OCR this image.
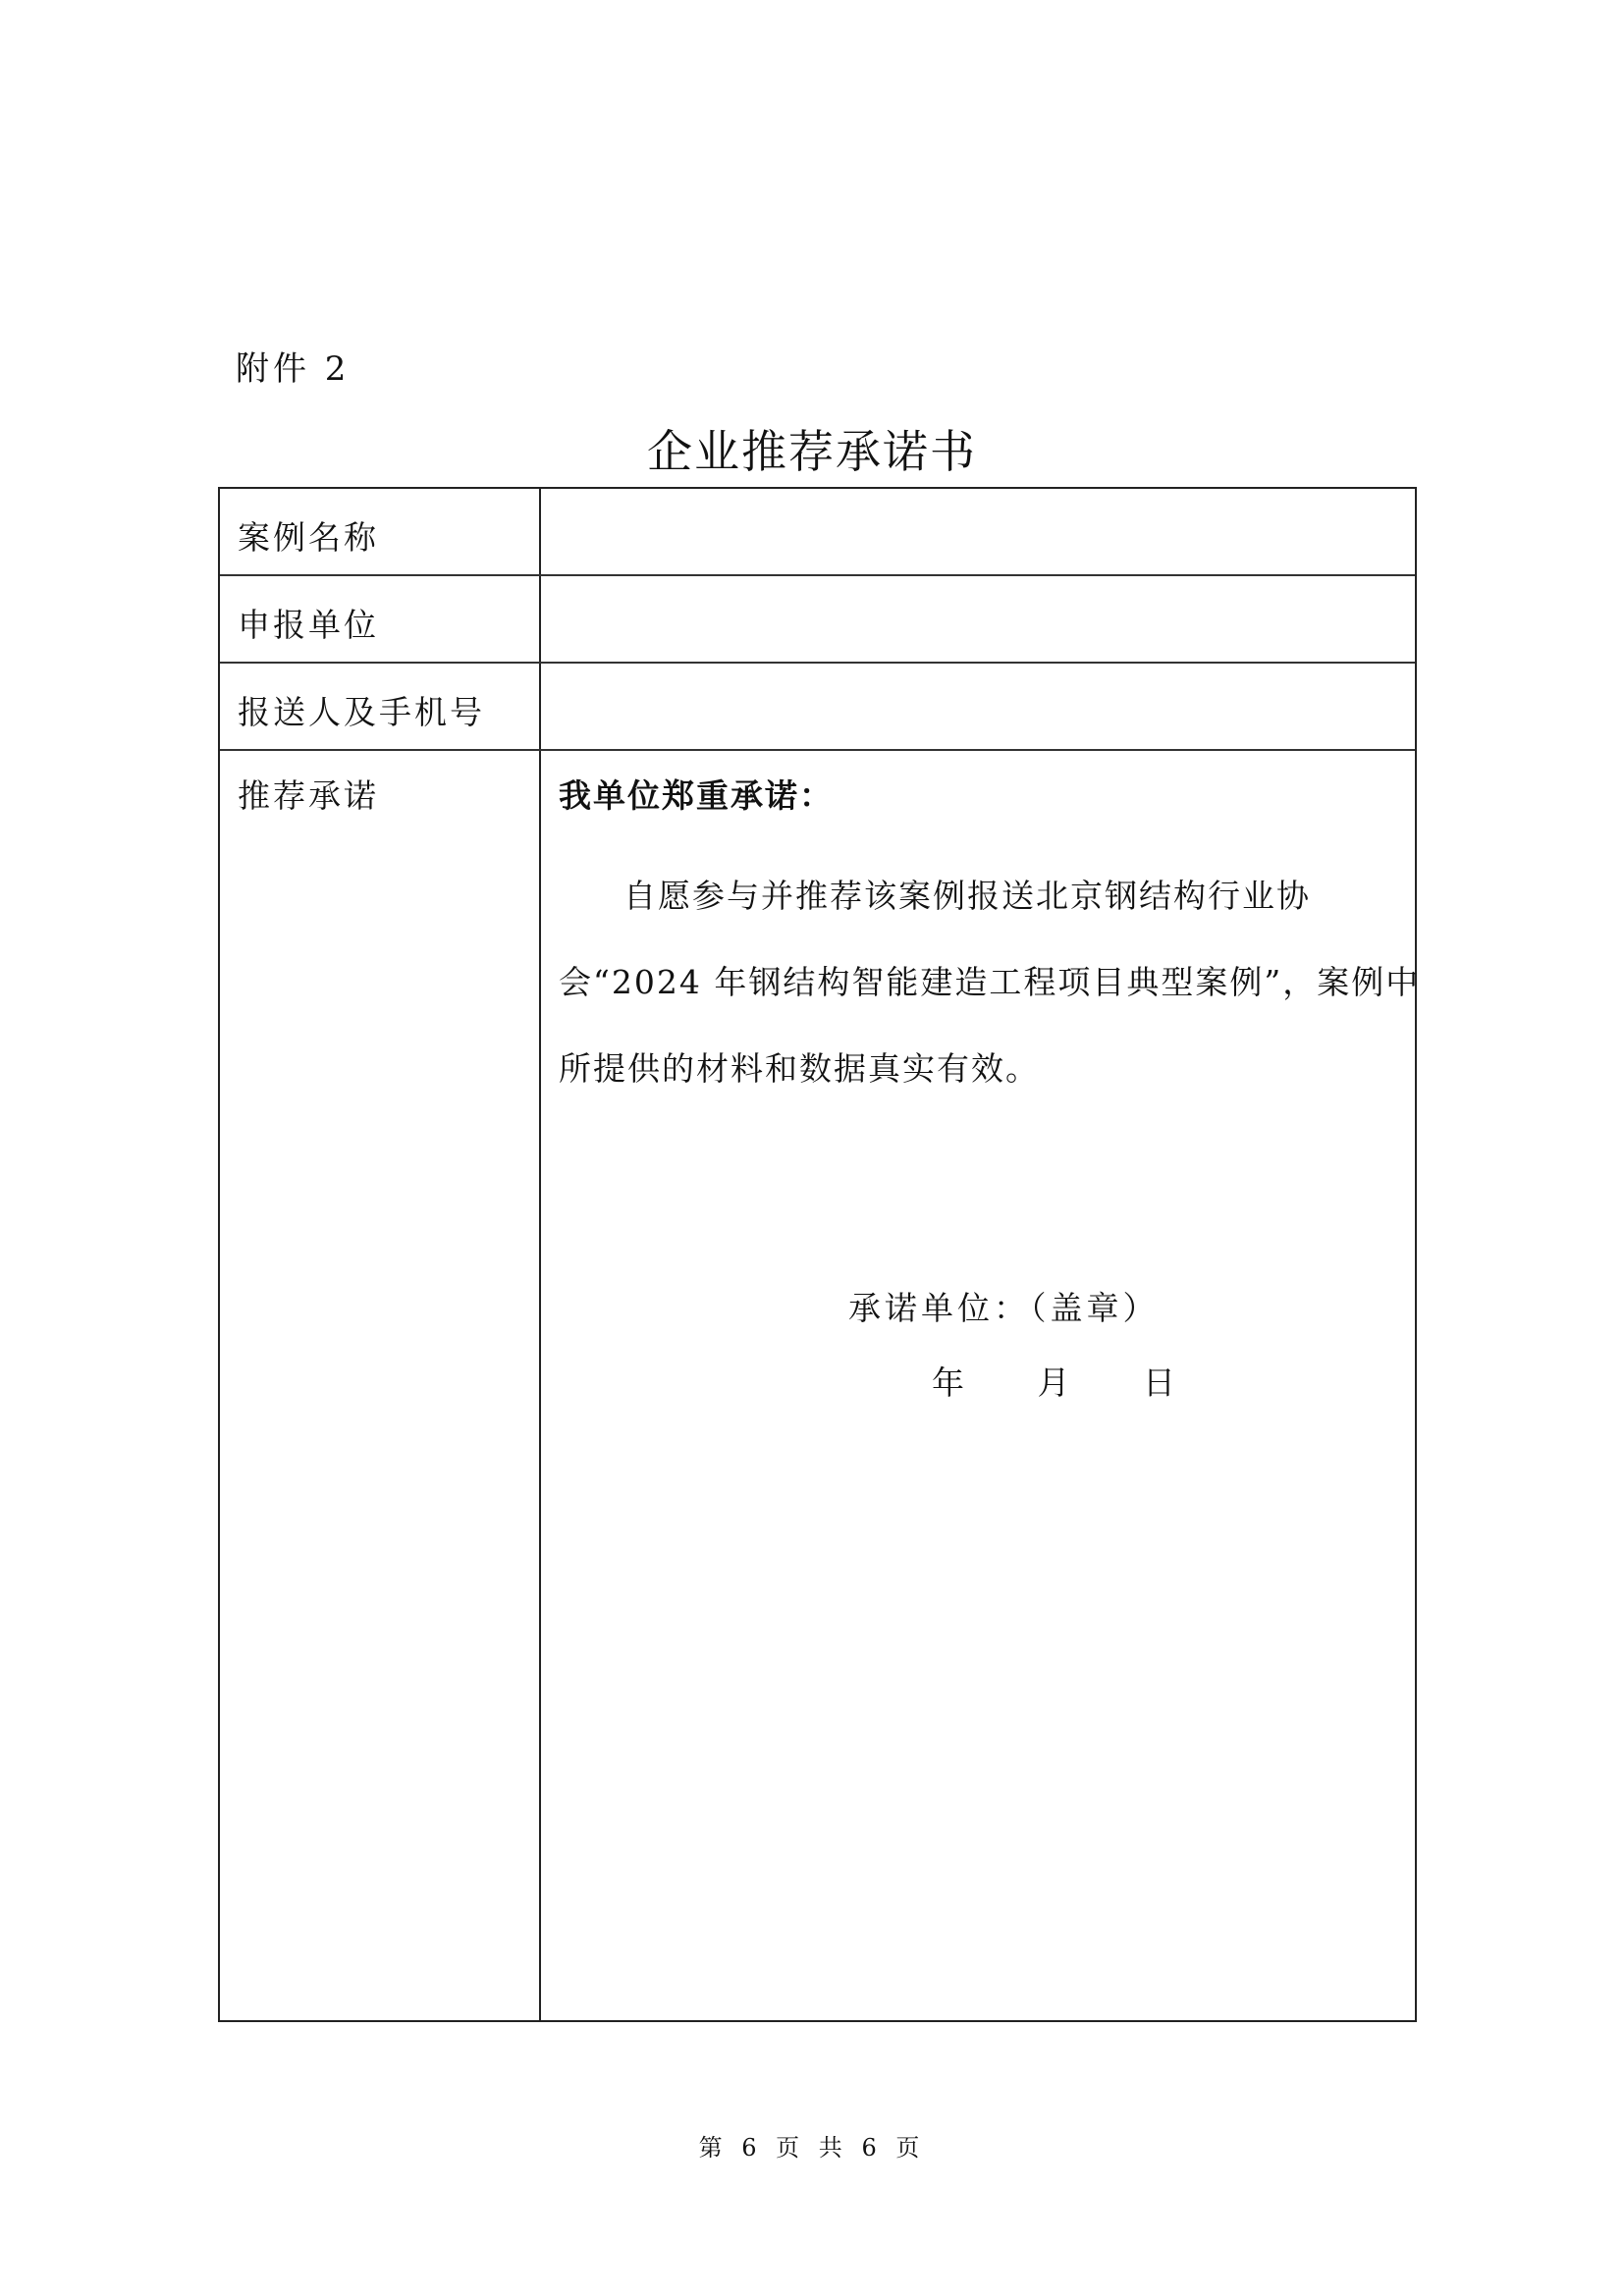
附件 2
企业推荐承诺书
案例名称
申报单位
报送人及手机号
推荐承诺	我单位郑重承诺：
自愿参与并推荐该案例报送北京钢结构行业协会“2024 年钢结构智能建造工程项目典型案例”，案例中所提供的材料和数据真实有效。
承诺单位：（盖章）
年 月 日
第 6 页 共 6 页
